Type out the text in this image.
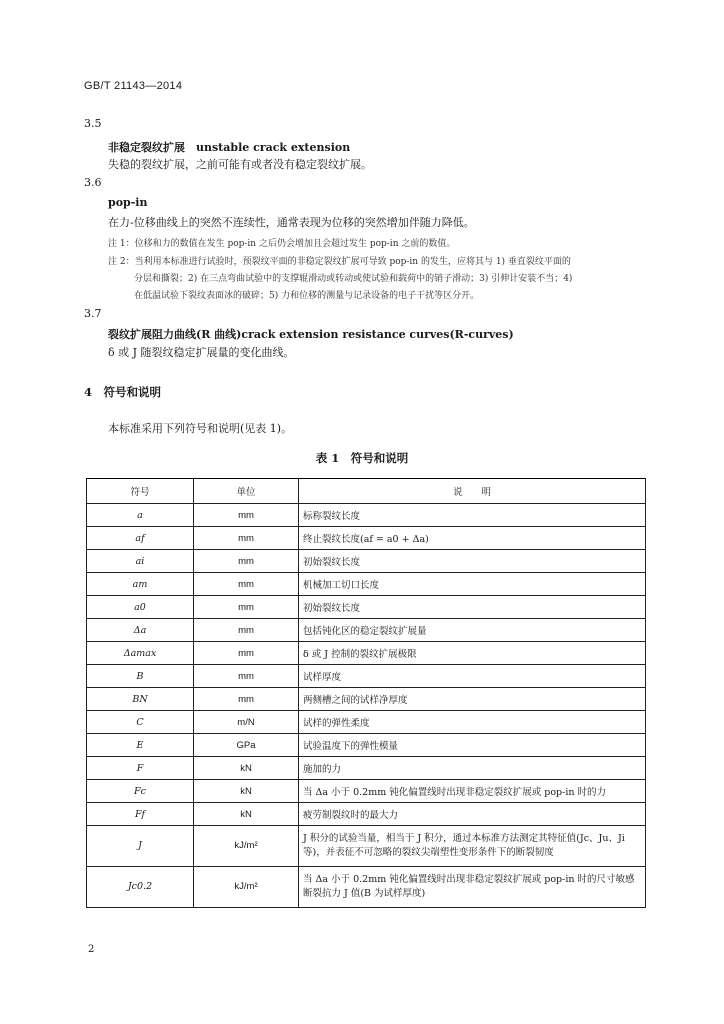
GB/T 21143—2014
3.5
非稳定裂纹扩展　unstable crack extension
失稳的裂纹扩展，之前可能有或者没有稳定裂纹扩展。
3.6
pop-in
在力-位移曲线上的突然不连续性，通常表现为位移的突然增加伴随力降低。
注 1：位移和力的数值在发生 pop-in 之后仍会增加且会超过发生 pop-in 之前的数值。
注 2：当利用本标准进行试验时，预裂纹平面的非稳定裂纹扩展可导致 pop-in 的发生，应将其与 1) 垂直裂纹平面的
分层和撕裂；2) 在三点弯曲试验中的支撑辊滑动或转动或使试验和载荷中的销子滑动；3) 引伸计安装不当；4)
在低温试验下裂纹表面冰的破碎；5) 力和位移的测量与记录设备的电子干扰等区分开。
3.7
裂纹扩展阻力曲线(R 曲线)crack extension resistance curves(R-curves)
δ 或 J 随裂纹稳定扩展量的变化曲线。
4　符号和说明
本标准采用下列符号和说明(见表 1)。
表 1　符号和说明
符号	单位	说　　明
a	mm	标称裂纹长度
af	mm	终止裂纹长度(af = a0 + Δa)
ai	mm	初始裂纹长度
am	mm	机械加工切口长度
a0	mm	初始裂纹长度
Δa	mm	包括钝化区的稳定裂纹扩展量
Δamax	mm	δ 或 J 控制的裂纹扩展极限
B	mm	试样厚度
BN	mm	两侧槽之间的试样净厚度
C	m/N	试样的弹性柔度
E	GPa	试验温度下的弹性模量
F	kN	施加的力
Fc	kN	当 Δa 小于 0.2mm 钝化偏置线时出现非稳定裂纹扩展或 pop-in 时的力
Ff	kN	疲劳制裂纹时的最大力
J	kJ/m²	J 积分的试验当量，相当于 J 积分，通过本标准方法测定其特征值(Jc、Ju、Ji 等)，并表征不可忽略的裂纹尖端塑性变形条件下的断裂韧度
Jc0.2	kJ/m²	当 Δa 小于 0.2mm 钝化偏置线时出现非稳定裂纹扩展或 pop-in 时的尺寸敏感断裂抗力 J 值(B 为试样厚度)
2
